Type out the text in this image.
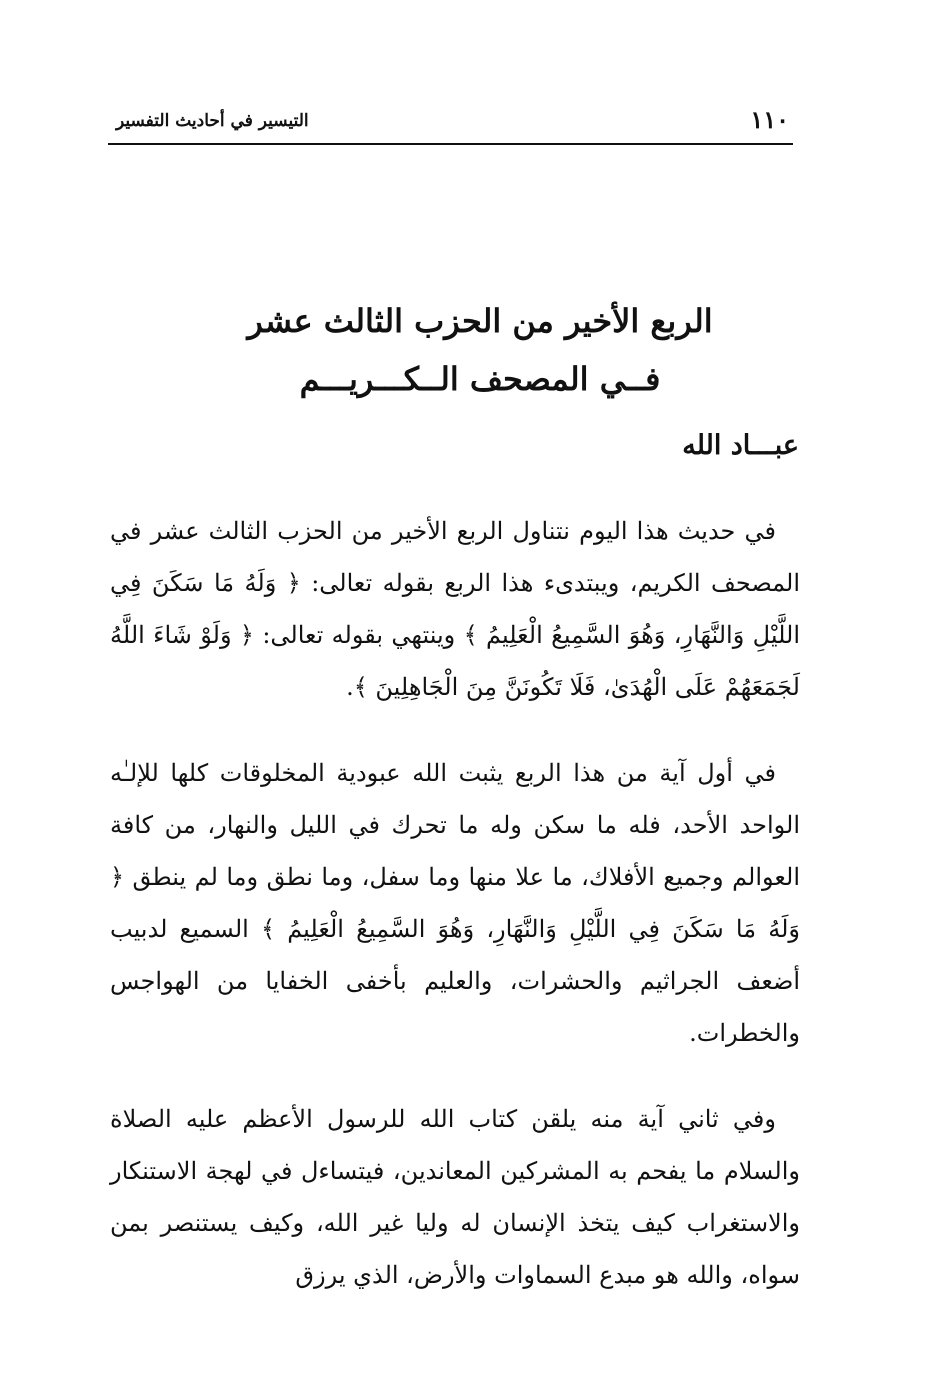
التيسير في أحاديث التفسير	١١٠
الربع الأخير من الحزب الثالث عشر
فــي المصحف الــكـــريـــم
عبـــاد الله

في حديث هذا اليوم نتناول الربع الأخير من الحزب الثالث عشر في المصحف الكريم، ويبتدىء هذا الربع بقوله تعالى: ﴿ وَلَهُ مَا سَكَنَ فِي اللَّيْلِ وَالنَّهَارِ، وَهُوَ السَّمِيعُ الْعَلِيمُ ﴾ وينتهي بقوله تعالى: ﴿ وَلَوْ شَاءَ اللَّهُ لَجَمَعَهُمْ عَلَى الْهُدَىٰ، فَلَا تَكُونَنَّ مِنَ الْجَاهِلِينَ ﴾.

في أول آية من هذا الربع يثبت الله عبودية المخلوقات كلها للإلـٰه الواحد الأحد، فله ما سكن وله ما تحرك في الليل والنهار، من كافة العوالم وجميع الأفلاك، ما علا منها وما سفل، وما نطق وما لم ينطق ﴿ وَلَهُ مَا سَكَنَ فِي اللَّيْلِ وَالنَّهَارِ، وَهُوَ السَّمِيعُ الْعَلِيمُ ﴾ السميع لدبيب أضعف الجراثيم والحشرات، والعليم بأخفى الخفايا من الهواجس والخطرات.

وفي ثاني آية منه يلقن كتاب الله للرسول الأعظم عليه الصلاة والسلام ما يفحم به المشركين المعاندين، فيتساءل في لهجة الاستنكار والاستغراب كيف يتخذ الإنسان له وليا غير الله، وكيف يستنصر بمن سواه، والله هو مبدع السماوات والأرض، الذي يرزق
